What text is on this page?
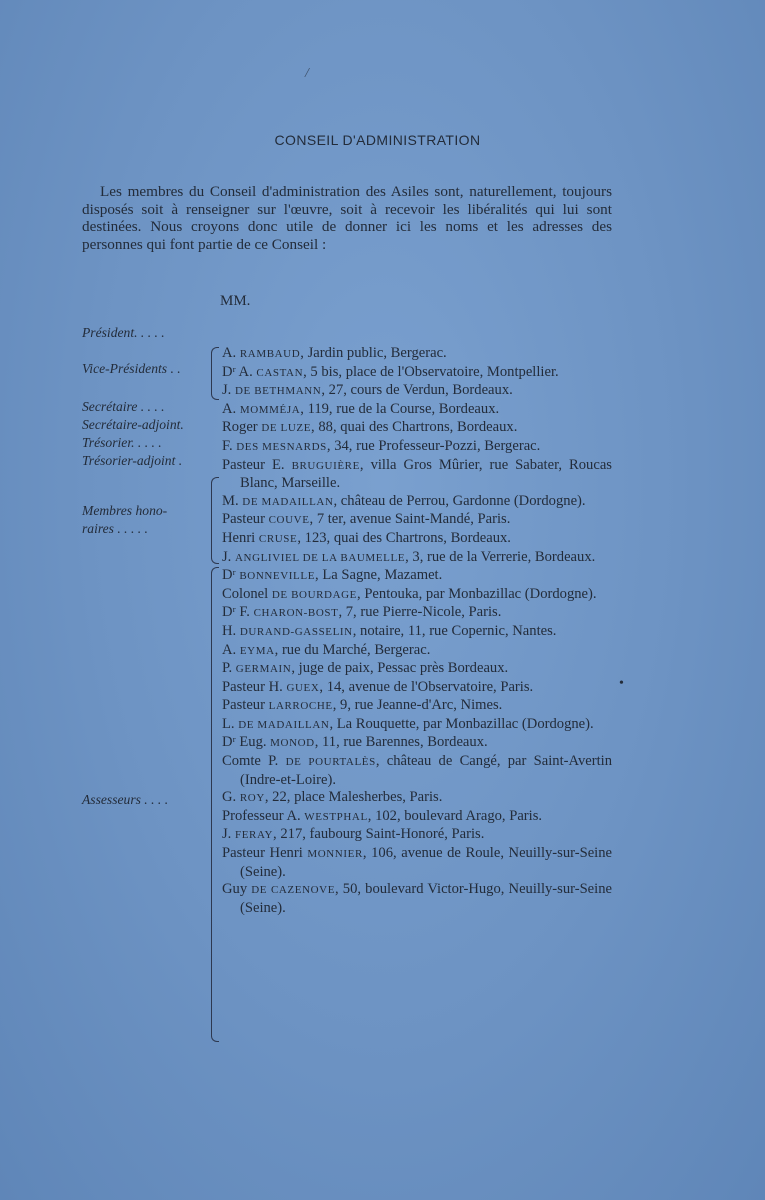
/
CONSEIL D'ADMINISTRATION

Les membres du Conseil d'administration des Asiles sont, naturellement, toujours disposés soit à renseigner sur l'œuvre, soit à recevoir les libéralités qui lui sont destinées. Nous croyons donc utile de donner ici les noms et les adresses des personnes qui font partie de ce Conseil :

MM.
Président. . . . .
Vice-Présidents . .
Secrétaire . . . .
Secrétaire-adjoint.
Trésorier. . . . .
Trésorier-adjoint .
Membres hono-
raires . . . . .
Assesseurs . . . .

A. RAMBAUD, Jardin public, Bergerac.

Dʳ A. CASTAN, 5 bis, place de l'Observatoire, Montpellier.

J. DE BETHMANN, 27, cours de Verdun, Bordeaux.

A. MOMMÉJA, 119, rue de la Course, Bordeaux.

Roger DE LUZE, 88, quai des Chartrons, Bordeaux.

F. DES MESNARDS, 34, rue Professeur-Pozzi, Bergerac.

Pasteur E. BRUGUIÈRE, villa Gros Mûrier, rue Sabater, Roucas Blanc, Marseille.

M. DE MADAILLAN, château de Perrou, Gardonne (Dordogne).

Pasteur COUVE, 7 ter, avenue Saint-Mandé, Paris.

Henri CRUSE, 123, quai des Chartrons, Bordeaux.

J. ANGLIVIEL DE LA BAUMELLE, 3, rue de la Verrerie, Bordeaux.

Dʳ BONNEVILLE, La Sagne, Mazamet.

Colonel DE BOURDAGE, Pentouka, par Monbazillac (Dordogne).

Dʳ F. CHARON-BOST, 7, rue Pierre-Nicole, Paris.

H. DURAND-GASSELIN, notaire, 11, rue Copernic, Nantes.

A. EYMA, rue du Marché, Bergerac.

P. GERMAIN, juge de paix, Pessac près Bordeaux.

Pasteur H. GUEX, 14, avenue de l'Observatoire, Paris.

Pasteur LARROCHE, 9, rue Jeanne-d'Arc, Nimes.

L. DE MADAILLAN, La Rouquette, par Monbazillac (Dordogne).

Dʳ Eug. MONOD, 11, rue Barennes, Bordeaux.

Comte P. DE POURTALÈS, château de Cangé, par Saint-Avertin (Indre-et-Loire).

G. ROY, 22, place Malesherbes, Paris.

Professeur A. WESTPHAL, 102, boulevard Arago, Paris.

J. FERAY, 217, faubourg Saint-Honoré, Paris.

Pasteur Henri MONNIER, 106, avenue de Roule, Neuilly-sur-Seine (Seine).

Guy DE CAZENOVE, 50, boulevard Victor-Hugo, Neuilly-sur-Seine (Seine).

•
